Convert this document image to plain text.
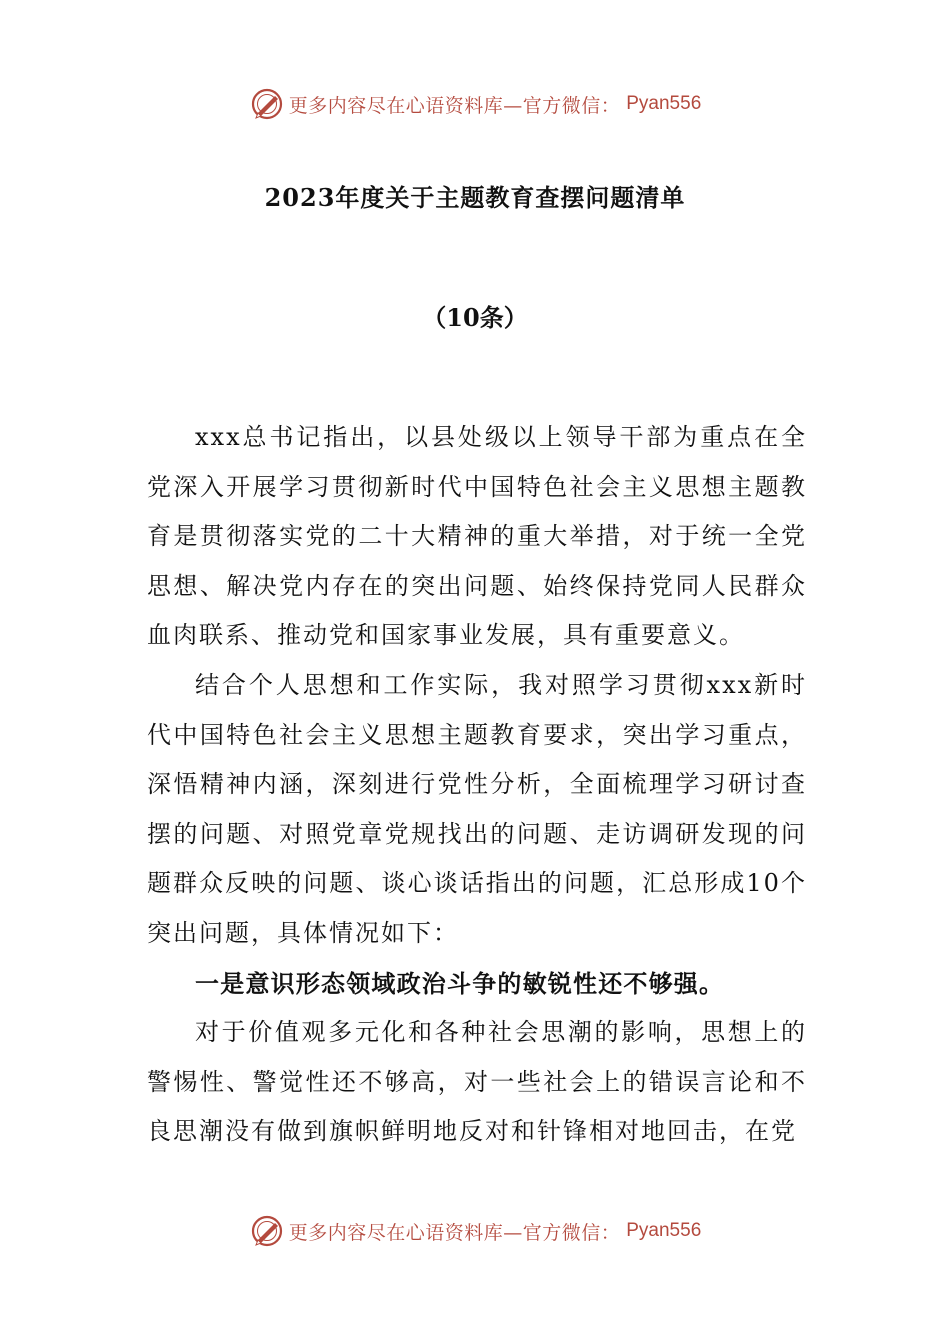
更多内容尽在心语资料库—官方微信： Pyan556
2023年度关于主题教育查摆问题清单
（10条）

xxx总书记指出，以县处级以上领导干部为重点在全党深入开展学习贯彻新时代中国特色社会主义思想主题教育是贯彻落实党的二十大精神的重大举措，对于统一全党思想、解决党内存在的突出问题、始终保持党同人民群众血肉联系、推动党和国家事业发展，具有重要意义。

结合个人思想和工作实际，我对照学习贯彻xxx新时代中国特色社会主义思想主题教育要求，突出学习重点，深悟精神内涵，深刻进行党性分析，全面梳理学习研讨查摆的问题、对照党章党规找出的问题、走访调研发现的问题群众反映的问题、谈心谈话指出的问题，汇总形成10个突出问题，具体情况如下：

一是意识形态领域政治斗争的敏锐性还不够强。

对于价值观多元化和各种社会思潮的影响，思想上的警惕性、警觉性还不够高，对一些社会上的错误言论和不良思潮没有做到旗帜鲜明地反对和针锋相对地回击，在党

更多内容尽在心语资料库—官方微信： Pyan556
